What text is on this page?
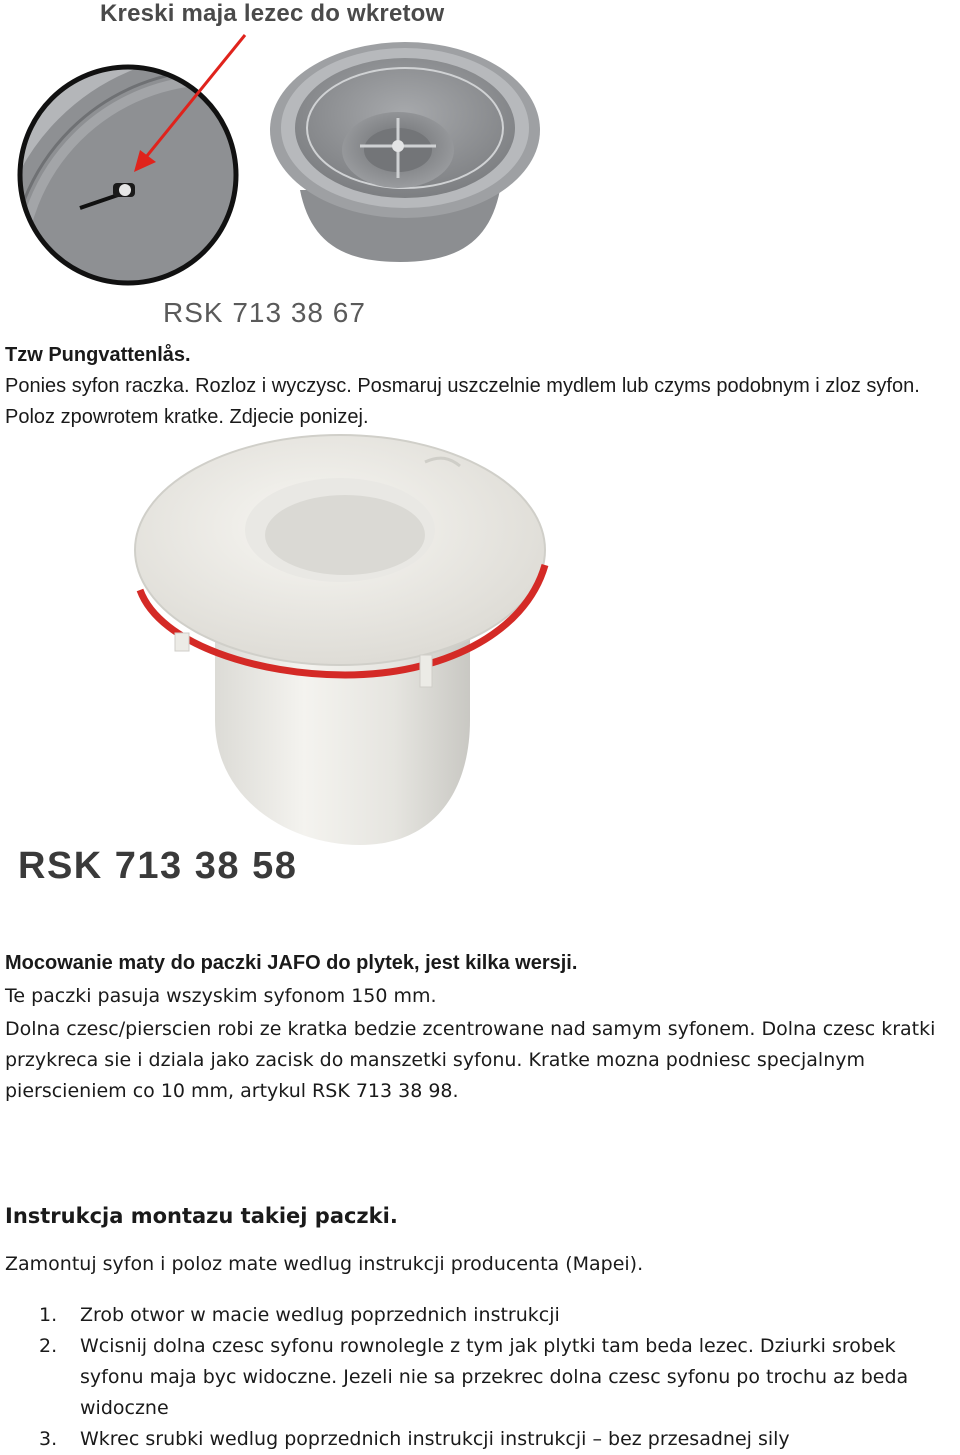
Kreski maja lezec do wkretow
RSK 713 38 67
Tzw Pungvattenlås.
Ponies syfon raczka. Rozloz i wyczysc. Posmaruj uszczelnie mydlem lub czyms podobnym i zloz syfon.
Poloz zpowrotem kratke. Zdjecie ponizej.
RSK 713 38 58
Mocowanie maty do paczki JAFO do plytek, jest kilka wersji.
Te paczki pasuja wszyskim syfonom 150 mm.
Dolna czesc/pierscien robi ze kratka bedzie zcentrowane nad samym syfonem. Dolna czesc kratki przykreca sie i dziala jako zacisk do manszetki syfonu. Kratke mozna podniesc specjalnym pierscieniem co 10 mm, artykul RSK 713 38 98.
Instrukcja montazu takiej paczki.
Zamontuj syfon i poloz mate wedlug instrukcji producenta (Mapei).
1. Zrob otwor w macie wedlug poprzednich instrukcji
2. Wcisnij dolna czesc syfonu rownolegle z tym jak plytki tam beda lezec. Dziurki srobek syfonu maja byc widoczne. Jezeli nie sa przekrec dolna czesc syfonu po trochu az beda widoczne
3. Wkrec srubki wedlug poprzednich instrukcji instrukcji – bez przesadnej sily
